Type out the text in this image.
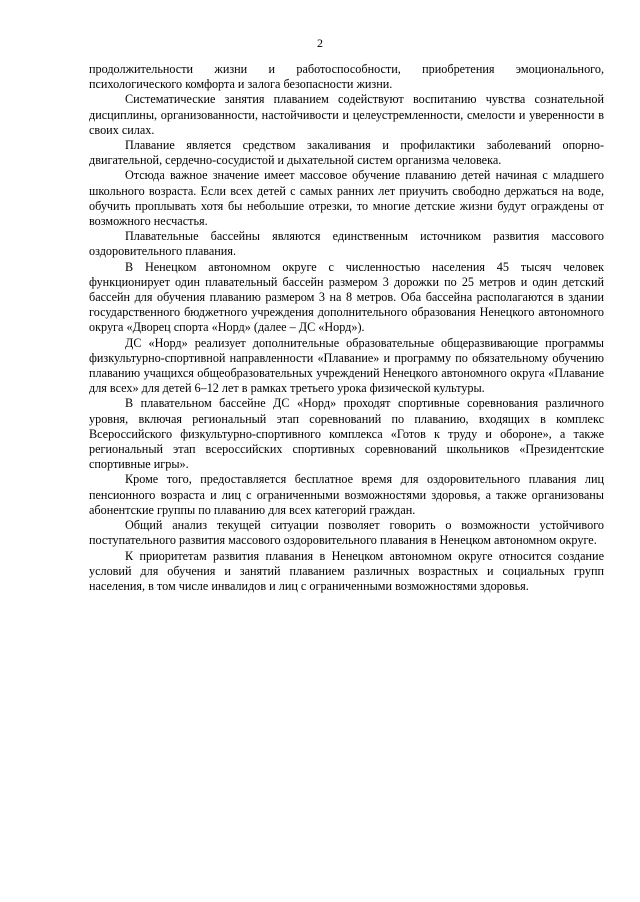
2

продолжительности жизни и работоспособности, приобретения эмоционального, психологического комфорта и залога безопасности жизни.

Систематические занятия плаванием содействуют воспитанию чувства сознательной дисциплины, организованности, настойчивости и целеустремленности, смелости и уверенности в своих силах.

Плавание является средством закаливания и профилактики заболеваний опорно-двигательной, сердечно-сосудистой и дыхательной систем организма человека.

Отсюда важное значение имеет массовое обучение плаванию детей начиная с младшего школьного возраста. Если всех детей с самых ранних лет приучить свободно держаться на воде, обучить проплывать хотя бы небольшие отрезки, то многие детские жизни будут ограждены от возможного несчастья.

Плавательные бассейны являются единственным источником развития массового оздоровительного плавания.

В Ненецком автономном округе с численностью населения 45 тысяч человек функционирует один плавательный бассейн размером 3 дорожки по 25 метров и один детский бассейн для обучения плаванию размером 3 на 8 метров. Оба бассейна располагаются в здании государственного бюджетного учреждения дополнительного образования Ненецкого автономного округа «Дворец спорта «Норд» (далее – ДС «Норд»).

ДС «Норд» реализует дополнительные образовательные общеразвивающие программы физкультурно-спортивной направленности «Плавание» и программу по обязательному обучению плаванию учащихся общеобразовательных учреждений Ненецкого автономного округа «Плавание для всех» для детей 6–12 лет в рамках третьего урока физической культуры.

В плавательном бассейне ДС «Норд» проходят спортивные соревнования различного уровня, включая региональный этап соревнований по плаванию, входящих в комплекс Всероссийского физкультурно-спортивного комплекса «Готов к труду и обороне», а также региональный этап всероссийских спортивных соревнований школьников «Президентские спортивные игры».

Кроме того, предоставляется бесплатное время для оздоровительного плавания лиц пенсионного возраста и лиц с ограниченными возможностями здоровья, а также организованы абонентские группы по плаванию для всех категорий граждан.

Общий анализ текущей ситуации позволяет говорить о возможности устойчивого поступательного развития массового оздоровительного плавания в Ненецком автономном округе.

К приоритетам развития плавания в Ненецком автономном округе относится создание условий для обучения и занятий плаванием различных возрастных и социальных групп населения, в том числе инвалидов и лиц с ограниченными возможностями здоровья.
